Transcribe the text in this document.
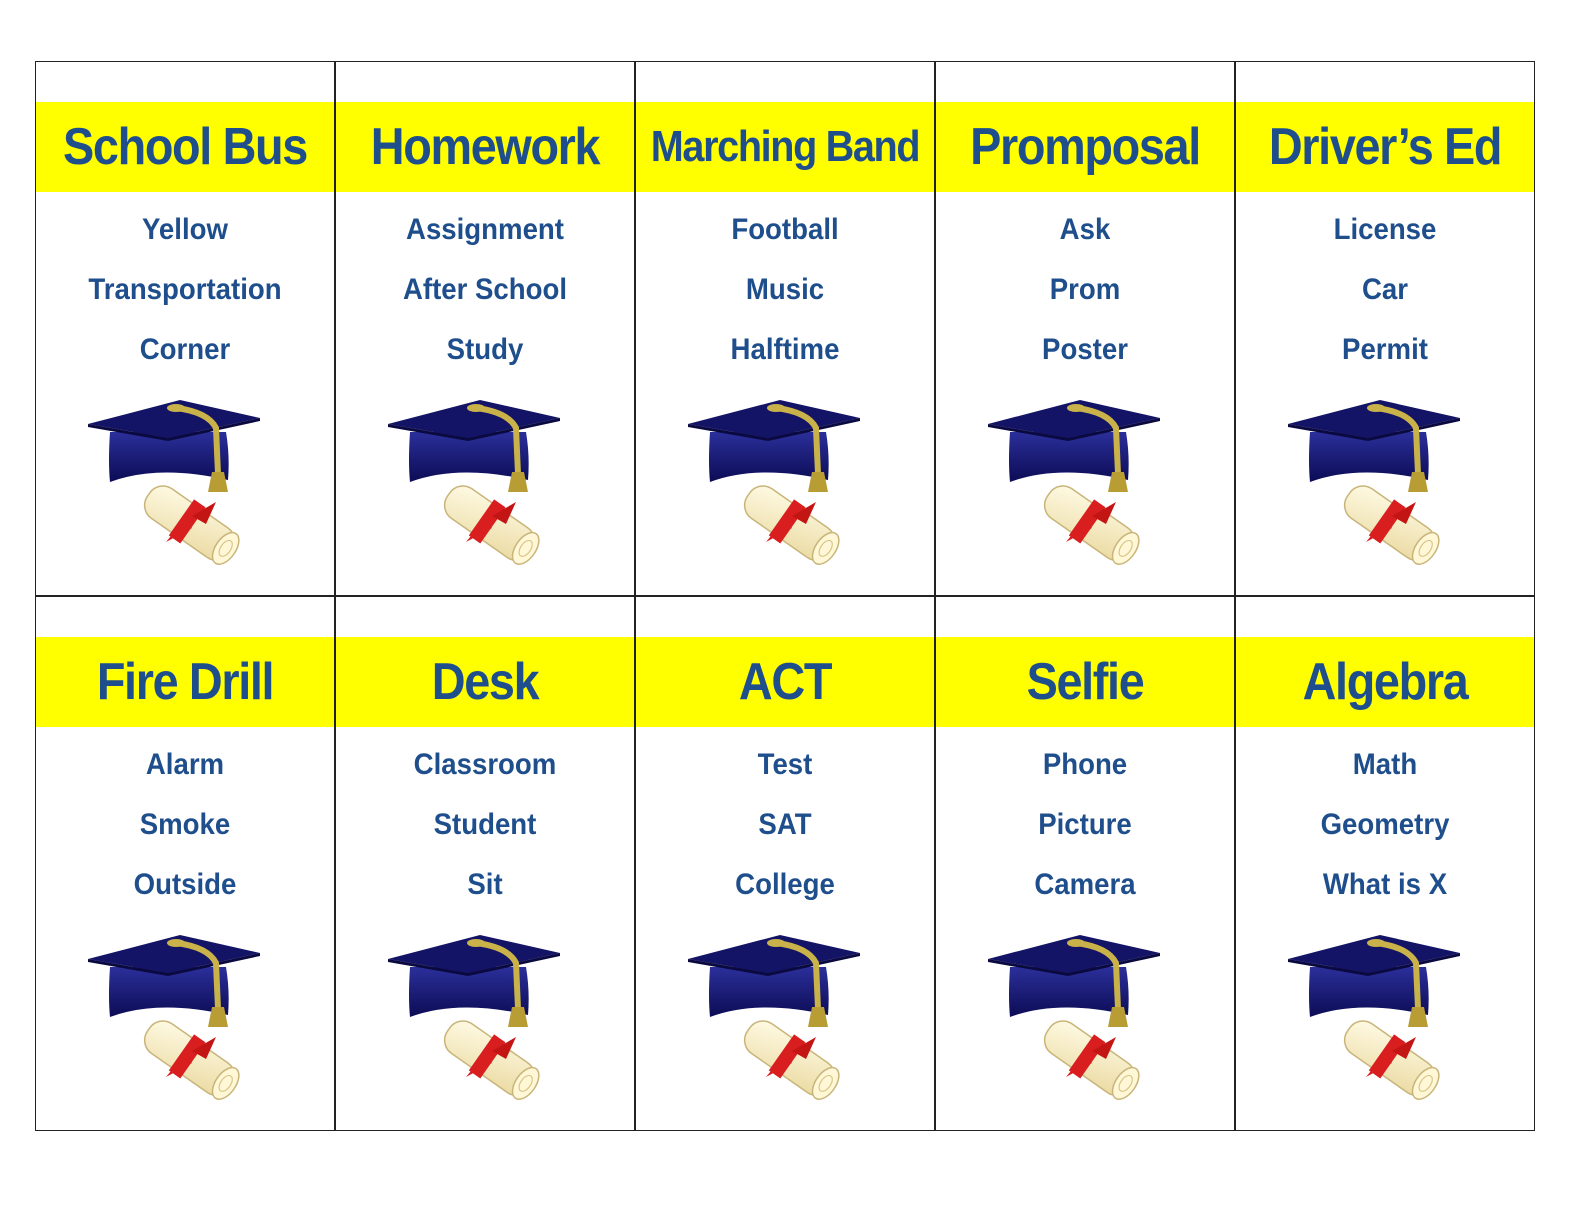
School Bus
Yellow
Transportation
Corner
Homework
Assignment
After School
Study
Marching Band
Football
Music
Halftime
Promposal
Ask
Prom
Poster
Driver’s Ed
License
Car
Permit
Fire Drill
Alarm
Smoke
Outside
Desk
Classroom
Student
Sit
ACT
Test
SAT
College
Selfie
Phone
Picture
Camera
Algebra
Math
Geometry
What is X
